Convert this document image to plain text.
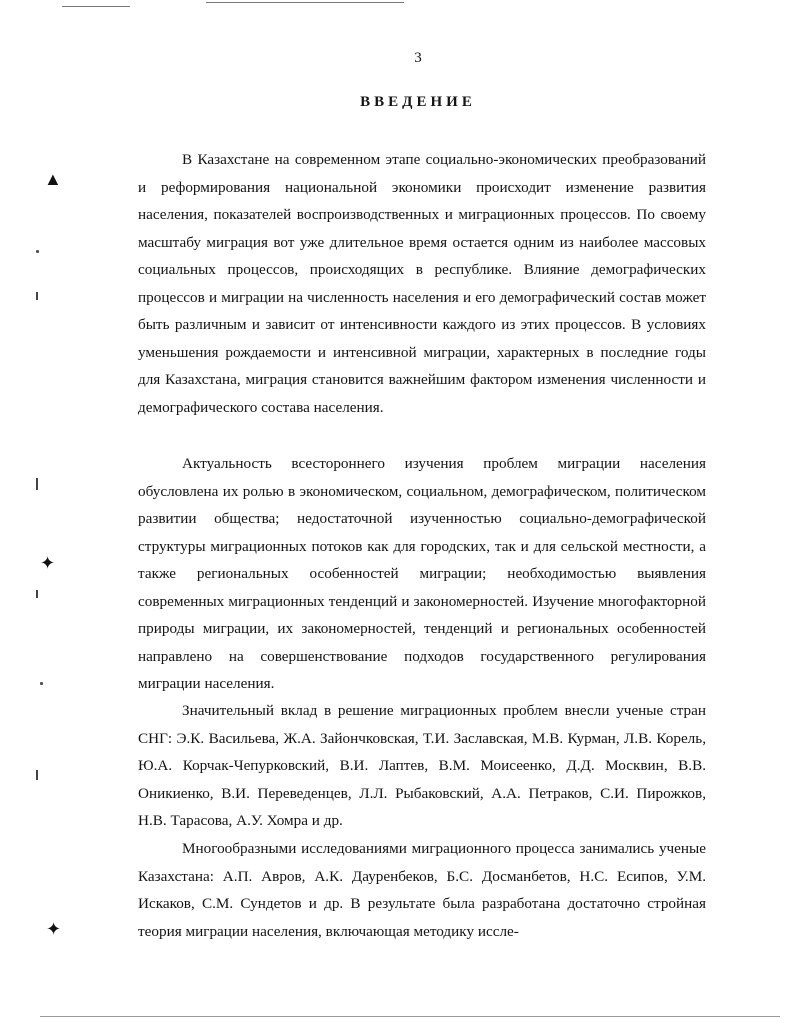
▲
✦
✦
3
ВВЕДЕНИЕ

В Казахстане на современном этапе социально-экономических преобразований и реформирования национальной экономики происходит изменение развития населения, показателей воспроизводственных и миграционных процессов. По своему масштабу миграция вот уже длительное время остается одним из наиболее массовых социальных процессов, происходящих в республике. Влияние демографических процессов и миграции на численность населения и его демографический состав может быть различным и зависит от интенсивности каждого из этих процессов. В условиях уменьшения рождаемости и интенсивной миграции, характерных в последние годы для Казахстана, миграция становится важнейшим фактором изменения численности и демографического состава населения.

Актуальность всестороннего изучения проблем миграции населения обусловлена их ролью в экономическом, социальном, демографическом, политическом развитии общества; недостаточной изученностью социально-демографической структуры миграционных потоков как для городских, так и для сельской местности, а также региональных особенностей миграции; необходимостью выявления современных миграционных тенденций и закономерностей. Изучение многофакторной природы миграции, их закономерностей, тенденций и региональных особенностей направлено на совершенствование подходов государственного регулирования миграции населения.

Значительный вклад в решение миграционных проблем внесли ученые стран СНГ: Э.К. Васильева, Ж.А. Зайончковская, Т.И. Заславская, М.В. Курман, Л.В. Корель, Ю.А. Корчак-Чепурковский, В.И. Лаптев, В.М. Моисеенко, Д.Д. Москвин, В.В. Оникиенко, В.И. Переведенцев, Л.Л. Рыбаковский, А.А. Петраков, С.И. Пирожков, Н.В. Тарасова, А.У. Хомра и др.

Многообразными исследованиями миграционного процесса занимались ученые Казахстана: А.П. Авров, А.К. Дауренбеков, Б.С. Досманбетов, Н.С. Есипов, У.М. Искаков, С.М. Сундетов и др. В результате была разработана достаточно стройная теория миграции населения, включающая методику иссле-
